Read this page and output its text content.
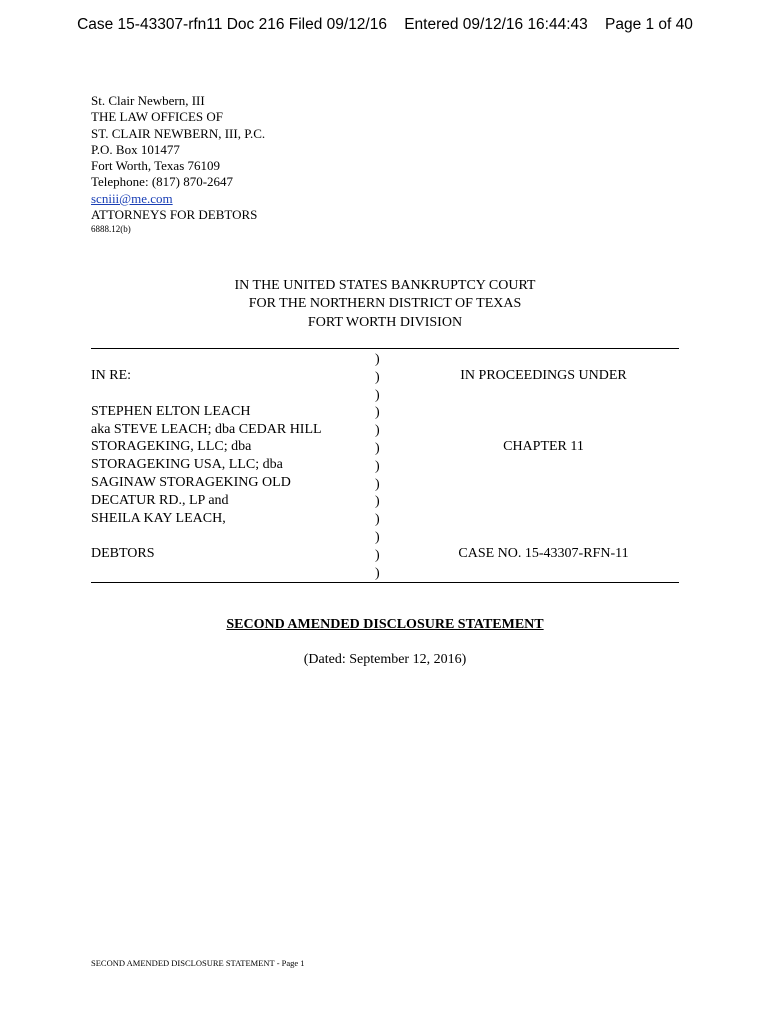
Case 15-43307-rfn11 Doc 216 Filed 09/12/16    Entered 09/12/16 16:44:43    Page 1 of 40
St. Clair Newbern, III
THE LAW OFFICES OF
ST. CLAIR NEWBERN, III, P.C.
P.O. Box 101477
Fort Worth, Texas 76109
Telephone: (817) 870-2647
scniii@me.com
ATTORNEYS FOR DEBTORS
6888.12(b)
IN THE UNITED STATES BANKRUPTCY COURT
FOR THE NORTHERN DISTRICT OF TEXAS
FORT WORTH DIVISION
IN RE:
STEPHEN ELTON LEACH
aka STEVE LEACH; dba CEDAR HILL
STORAGEKING, LLC; dba
STORAGEKING USA, LLC; dba
SAGINAW STORAGEKING OLD
DECATUR RD., LP and
SHEILA KAY LEACH,
DEBTORS
)
)
)
)
)
)
)
)
)
)
)
)
)
IN PROCEEDINGS UNDER
CHAPTER 11
CASE NO. 15-43307-RFN-11
SECOND AMENDED DISCLOSURE STATEMENT
(Dated: September 12, 2016)
SECOND AMENDED DISCLOSURE STATEMENT - Page 1
